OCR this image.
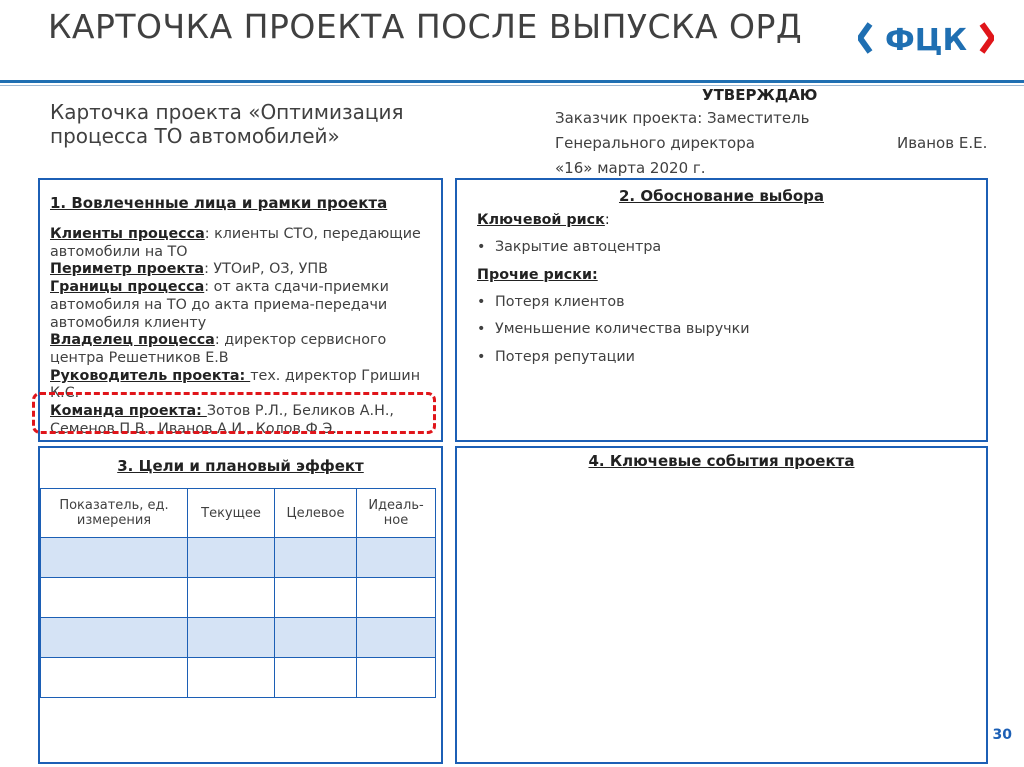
КАРТОЧКА ПРОЕКТА ПОСЛЕ ВЫПУСКА ОРД	ФЦК
Карточка проекта «Оптимизация процесса ТО автомобилей»
УТВЕРЖДАЮ
Заказчик проекта: Заместитель
Генерального директора	Иванов Е.Е.
«16» марта 2020 г.
1. Вовлеченные лица и рамки проекта
Клиенты процесса: клиенты СТО, передающие автомобили на ТО
Периметр проекта: УТОиР, ОЗ, УПВ
Границы процесса: от акта сдачи-приемки автомобиля на ТО до акта приема-передачи автомобиля клиенту
Владелец процесса: директор сервисного центра Решетников Е.В
Руководитель проекта: тех. директор Гришин К.С.
Команда проекта: Зотов Р.Л., Беликов А.Н., Семенов П.В., Иванов А.И., Колов Ф.Э.
2. Обоснование выбора
Ключевой риск:
• Закрытие автоцентра
Прочие риски:
• Потеря клиентов
• Уменьшение количества выручки
• Потеря репутации
3. Цели и плановый эффект
Показатель, ед. измерения	Текущее	Целевое	Идеаль-ное

4. Ключевые события проекта
30
